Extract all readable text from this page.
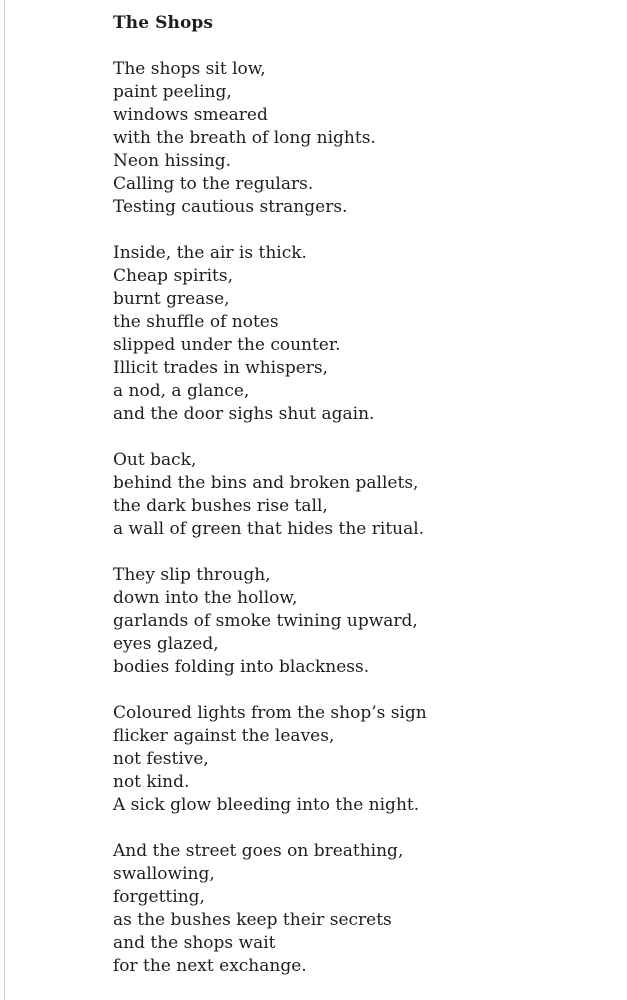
The Shops
The shops sit low,
paint peeling,
windows smeared
with the breath of long nights.
Neon hissing.
Calling to the regulars.
Testing cautious strangers.
Inside, the air is thick.
Cheap spirits,
burnt grease,
the shuffle of notes
slipped under the counter.
Illicit trades in whispers,
a nod, a glance,
and the door sighs shut again.
Out back,
behind the bins and broken pallets,
the dark bushes rise tall,
a wall of green that hides the ritual.
They slip through,
down into the hollow,
garlands of smoke twining upward,
eyes glazed,
bodies folding into blackness.
Coloured lights from the shop’s sign
flicker against the leaves,
not festive,
not kind.
A sick glow bleeding into the night.
And the street goes on breathing,
swallowing,
forgetting,
as the bushes keep their secrets
and the shops wait
for the next exchange.
